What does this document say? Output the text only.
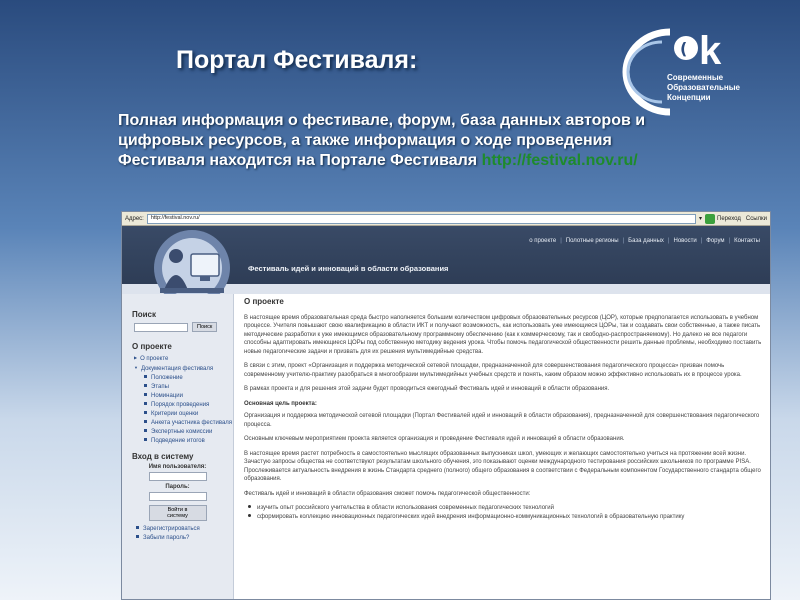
Портал Фестиваля:
Полная информация о фестивале, форум, база данных авторов и цифровых ресурсов, а также информация о ходе проведения Фестиваля находится на Портале Фестиваля http://festival.nov.ru/
( k
Современные Образовательные Концепции
Адрес:	http://festival.nov.ru/	▾	Переход Ссылки
о проекте | Полотные регионы | База данных | Новости | Форум | Контакты
Фестиваль идей и инноваций в области образования
Поиск
Поиск
О проекте
▶ О проекте
▼ Документация фестиваля
Положение
Этапы
Номинации
Порядок проведения
Критерии оценки
Анкета участника фестиваля
Экспертные комиссии
Подведение итогов
Вход в систему
Имя пользователя:
Пароль:
Войти в систему
Зарегистрироваться
Забыли пароль?
О проекте

В настоящее время образовательная среда быстро наполняется большим количеством цифровых образовательных ресурсов (ЦОР), которые предполагается использовать в учебном процессе. Учителя повышают свою квалификацию в области ИКТ и получают возможность, как использовать уже имеющиеся ЦОРы, так и создавать свои собственные, а также писать методические разработки к уже имеющимся образовательному программному обеспечению (как к коммерческому, так и свободно-распространяемому). Но далеко не все педагоги способны адаптировать имеющиеся ЦОРы под собственную методику ведения урока. Чтобы помочь педагогической общественности решить данные проблемы, необходимо поставить новые педагогические задачи и призвать для их решения мультимедийные средства.

В связи с этим, проект «Организация и поддержка методической сетевой площадки, предназначенной для совершенствования педагогического процесса» призван помочь современному учителю-практику разобраться в многообразии мультимедийных учебных средств и понять, каким образом можно эффективно использовать их в процессе урока.

В рамках проекта и для решения этой задачи будет проводиться ежегодный Фестиваль идей и инноваций в области образования.

Основная цель проекта:

Организация и поддержка методической сетевой площадки (Портал Фестивалей идей и инноваций в области образования), предназначенной для совершенствования педагогического процесса.

Основным ключевым мероприятием проекта является организация и проведение Фестиваля идей и инноваций в области образования.

В настоящее время растет потребность в самостоятельно мыслящих образованных выпускниках школ, умеющих и желающих самостоятельно учиться на протяжении всей жизни. Зачастую запросы общества не соответствуют результатам школьного обучения, это показывают оценки международного тестирования российских школьников по программе PISA. Прослеживается актуальность внедрения в жизнь Стандарта среднего (полного) общего образования в соответствии с Федеральным компонентом Государственного стандарта общего образования.

Фестиваль идей и инноваций в области образования сможет помочь педагогической общественности:

изучить опыт российского учительства в области использования современных педагогических технологий
сформировать коллекцию инновационных педагогических идей внедрения информационно-коммуникационных технологий в образовательную практику
